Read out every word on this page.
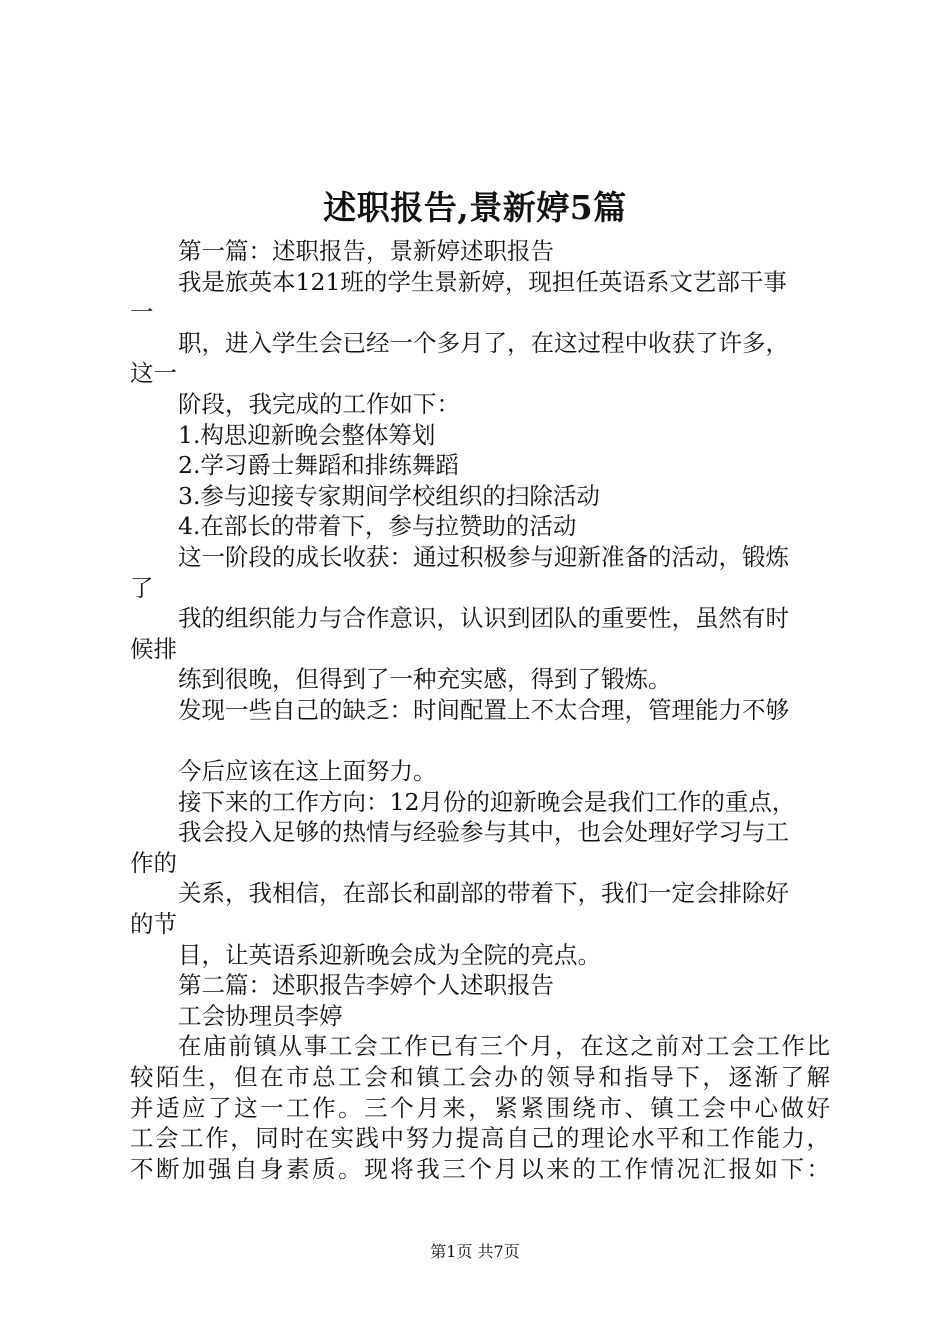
述职报告,景新婷5篇
第一篇：述职报告，景新婷述职报告
我是旅英本121班的学生景新婷，现担任英语系文艺部干事
一
职，进入学生会已经一个多月了，在这过程中收获了许多，
这一
阶段，我完成的工作如下：
1.构思迎新晚会整体筹划
2.学习爵士舞蹈和排练舞蹈
3.参与迎接专家期间学校组织的扫除活动
4.在部长的带着下，参与拉赞助的活动
这一阶段的成长收获：通过积极参与迎新准备的活动，锻炼
了
我的组织能力与合作意识，认识到团队的重要性，虽然有时
候排
练到很晚，但得到了一种充实感，得到了锻炼。
发现一些自己的缺乏：时间配置上不太合理，管理能力不够
今后应该在这上面努力。
接下来的工作方向：12月份的迎新晚会是我们工作的重点，
我会投入足够的热情与经验参与其中，也会处理好学习与工
作的
关系，我相信，在部长和副部的带着下，我们一定会排除好
的节
目，让英语系迎新晚会成为全院的亮点。
第二篇：述职报告李婷个人述职报告
工会协理员李婷
在庙前镇从事工会工作已有三个月，在这之前对工会工作比
较陌生，但在市总工会和镇工会办的领导和指导下，逐渐了解
并适应了这一工作。三个月来，紧紧围绕市、镇工会中心做好
工会工作，同时在实践中努力提高自己的理论水平和工作能力，
不断加强自身素质。现将我三个月以来的工作情况汇报如下：
第1页 共7页
